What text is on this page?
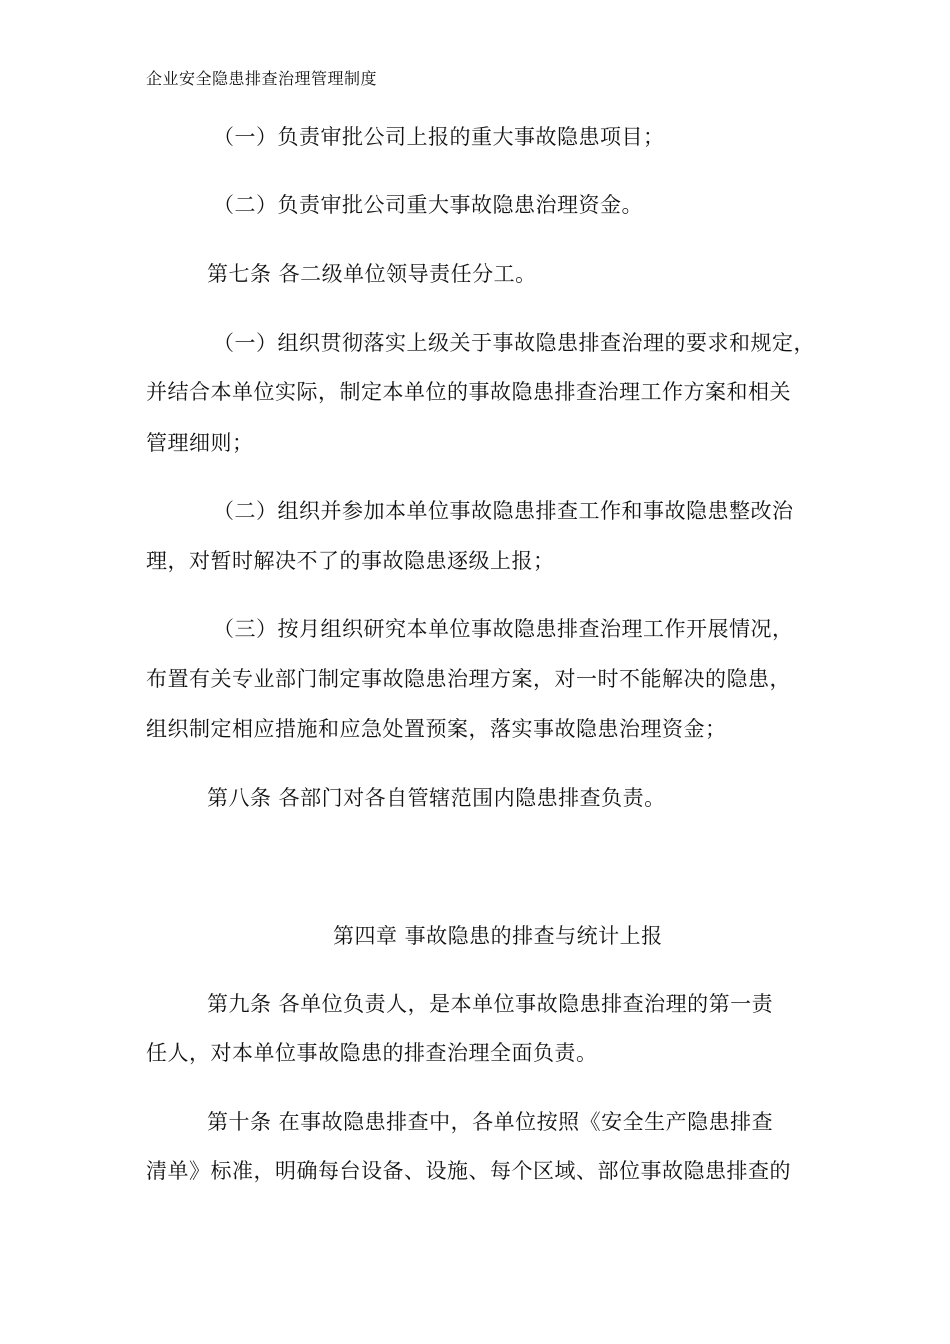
企业安全隐患排查治理管理制度
（一）负责审批公司上报的重大事故隐患项目；
（二）负责审批公司重大事故隐患治理资金。
第七条 各二级单位领导责任分工。
（一）组织贯彻落实上级关于事故隐患排查治理的要求和规定，
并结合本单位实际，制定本单位的事故隐患排查治理工作方案和相关
管理细则；
（二）组织并参加本单位事故隐患排查工作和事故隐患整改治
理，对暂时解决不了的事故隐患逐级上报；
（三）按月组织研究本单位事故隐患排查治理工作开展情况，
布置有关专业部门制定事故隐患治理方案，对一时不能解决的隐患，
组织制定相应措施和应急处置预案，落实事故隐患治理资金；
第八条 各部门对各自管辖范围内隐患排查负责。
第四章 事故隐患的排查与统计上报
第九条 各单位负责人，是本单位事故隐患排查治理的第一责
任人，对本单位事故隐患的排查治理全面负责。
第十条 在事故隐患排查中，各单位按照《安全生产隐患排查
清单》标准，明确每台设备、设施、每个区域、部位事故隐患排查的
